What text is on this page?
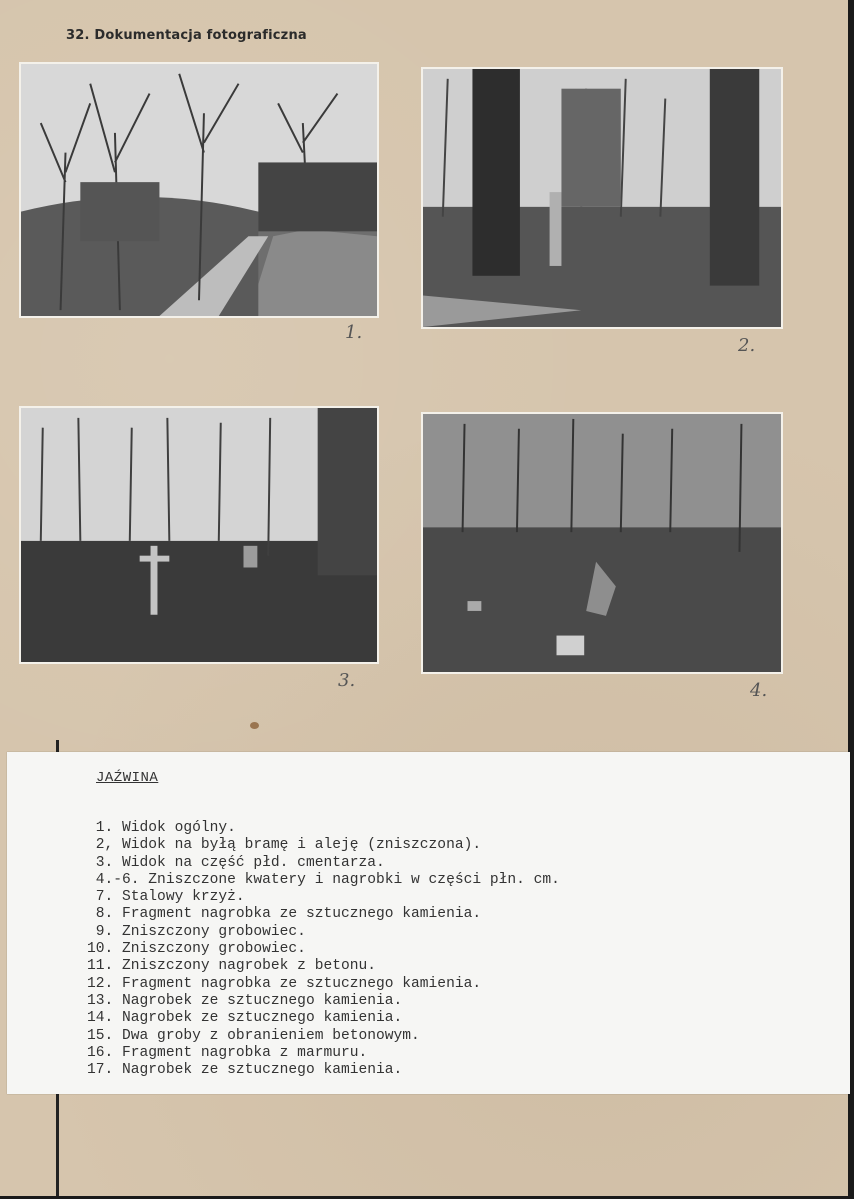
32. Dokumentacja fotograficzna
1.
2.
3.	4.
JAŹWINA
1. Widok ogólny.
2, Widok na byłą bramę i aleję (zniszczona).
3. Widok na część płd. cmentarza.
4.-6. Zniszczone kwatery i nagrobki w części płn. cm.
7. Stalowy krzyż.
8. Fragment nagrobka ze sztucznego kamienia.
9. Zniszczony grobowiec.
10. Zniszczony grobowiec.
11. Zniszczony nagrobek z betonu.
12. Fragment nagrobka ze sztucznego kamienia.
13. Nagrobek ze sztucznego kamienia.
14. Nagrobek ze sztucznego kamienia.
15. Dwa groby z obranieniem betonowym.
16. Fragment nagrobka z marmuru.
17. Nagrobek ze sztucznego kamienia.
